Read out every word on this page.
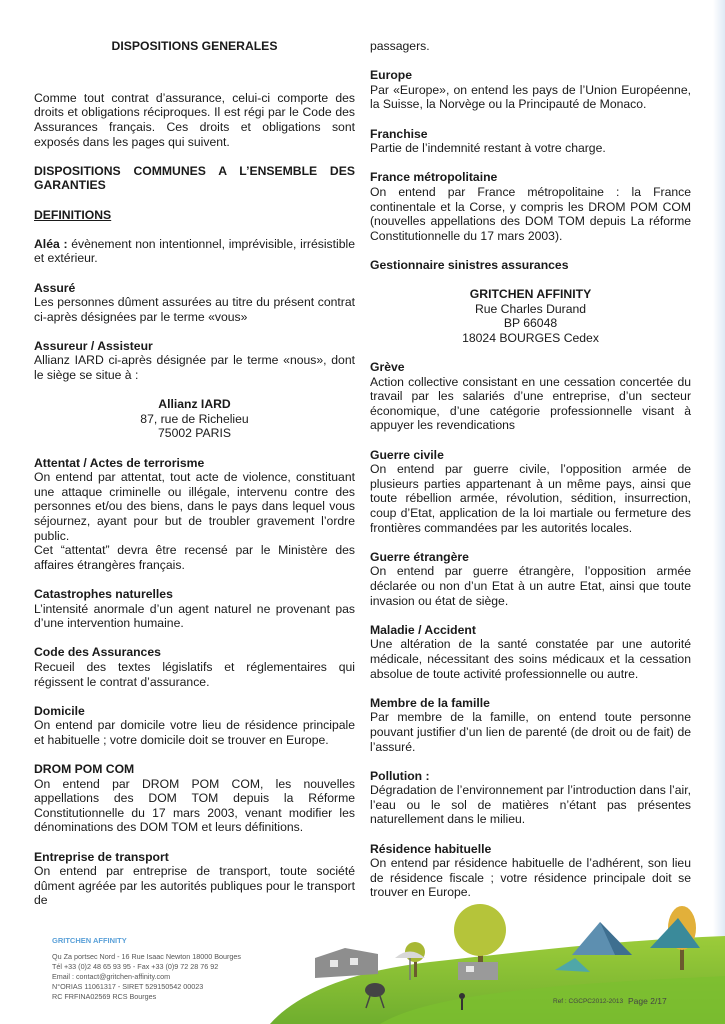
DISPOSITIONS GENERALES

Comme tout contrat d’assurance, celui-ci comporte des droits et obligations réciproques. Il est régi par le Code des Assurances français. Ces droits et obligations sont exposés dans les pages qui suivent.

DISPOSITIONS COMMUNES A L’ENSEMBLE DES GARANTIES

DEFINITIONS

Aléa : évènement non intentionnel, imprévisible, irrésistible et extérieur.

Assuré

Les personnes dûment assurées au titre du présent contrat ci-après désignées par le terme «vous»

Assureur / Assisteur

Allianz IARD ci-après désignée par le terme «nous», dont le siège se situe à :

Allianz IARD

87, rue de Richelieu

75002 PARIS

Attentat / Actes de terrorisme

On entend par attentat, tout acte de violence, constituant une attaque criminelle ou illégale, intervenu contre des personnes et/ou des biens, dans le pays dans lequel vous séjournez, ayant pour but de troubler gravement l’ordre public.

Cet “attentat” devra être recensé par le Ministère des affaires étrangères français.

Catastrophes naturelles

L’intensité anormale d’un agent naturel ne provenant pas d’une intervention humaine.

Code des Assurances

Recueil des textes législatifs et réglementaires qui régissent le contrat d’assurance.

Domicile

On entend par domicile votre lieu de résidence principale et habituelle ; votre domicile doit se trouver en Europe.

DROM POM COM

On entend par DROM POM COM, les nouvelles appellations des DOM TOM depuis la Réforme Constitutionnelle du 17 mars 2003, venant modifier les dénominations des DOM TOM et leurs définitions.

Entreprise de transport

On entend par entreprise de transport, toute société dûment agréée par les autorités publiques pour le transport de

passagers.

Europe

Par «Europe», on entend les pays de l’Union Européenne, la Suisse, la Norvège ou la Principauté de Monaco.

Franchise

Partie de l’indemnité restant à votre charge.

France métropolitaine

On entend par France métropolitaine : la France continentale et la Corse, y compris les DROM POM COM (nouvelles appellations des DOM TOM depuis La réforme Constitutionnelle du 17 mars 2003).

Gestionnaire sinistres assurances

GRITCHEN AFFINITY

Rue Charles Durand

BP 66048

18024 BOURGES Cedex

Grève

Action collective consistant en une cessation concertée du travail par les salariés d’une entreprise, d’un secteur économique, d’une catégorie professionnelle visant à appuyer les revendications

Guerre civile

On entend par guerre civile, l’opposition armée de plusieurs parties appartenant à un même pays, ainsi que toute rébellion armée, révolution, sédition, insurrection, coup d’Etat, application de la loi martiale ou fermeture des frontières commandées par les autorités locales.

Guerre étrangère

On entend par guerre étrangère, l’opposition armée déclarée ou non d’un Etat à un autre Etat, ainsi que toute invasion ou état de siège.

Maladie / Accident

Une altération de la santé constatée par une autorité médicale, nécessitant des soins médicaux et la cessation absolue de toute activité professionnelle ou autre.

Membre de la famille

Par membre de la famille, on entend toute personne pouvant justifier d’un lien de parenté (de droit ou de fait) de l’assuré.

Pollution :

Dégradation de l’environnement par l’introduction dans l’air, l’eau ou le sol de matières n’étant pas présentes naturellement dans le milieu.

Résidence habituelle

On entend par résidence habituelle de l’adhérent, son lieu de résidence fiscale ; votre résidence principale doit se trouver en Europe.

GRITCHEN AFFINITY
Qu Za portsec Nord - 16 Rue Isaac Newton 18000 Bourges
Tél +33 (0)2 48 65 93 95 - Fax +33 (0)9 72 28 76 92
Email : contact@gritchen-affinity.com
N°ORIAS 11061317 - SIRET 529150542 00023
RC FRFINA02569 RCS Bourges
Ref : CGCPC2012-2013 Page 2/17
